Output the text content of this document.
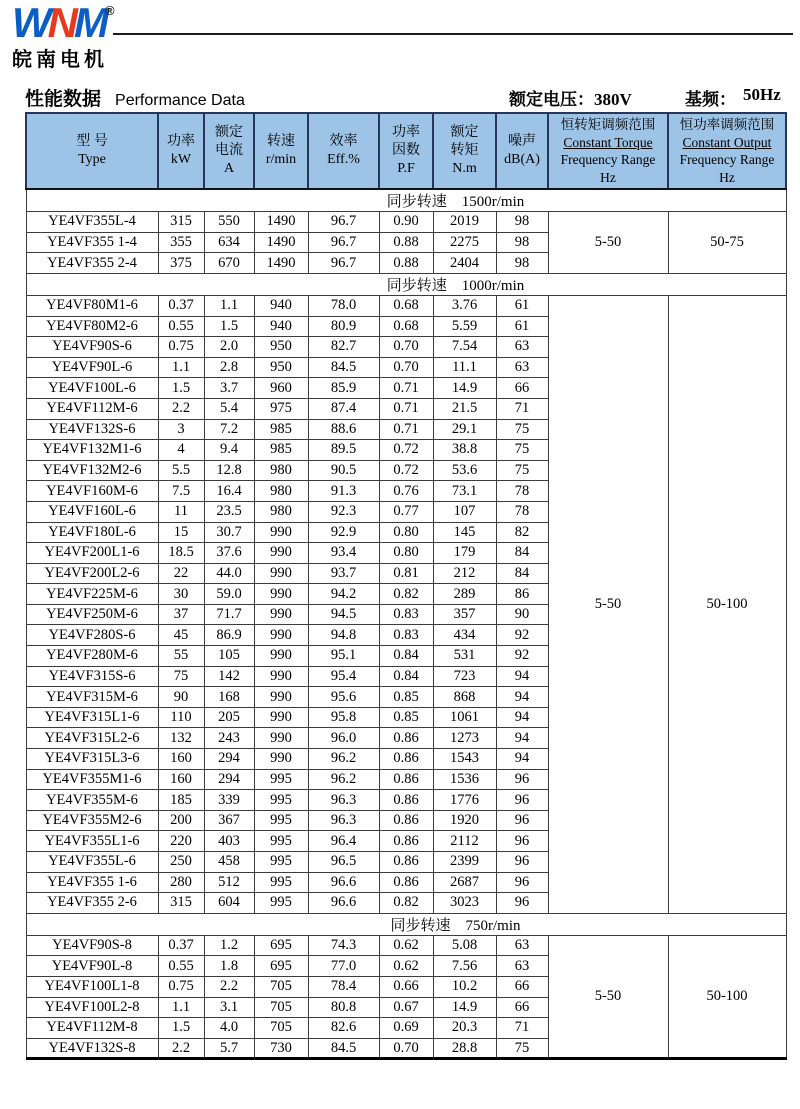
WNM®
皖南电机
性能数据 Performance Data	额定电压：380V	基频： 50Hz
型 号
Type

功率
kW

额定
电流
A

转速
r/min

效率
Eff.%

功率
因数
P.F

额定
转矩
N.m

噪声
dB(A)

恒转矩调频范围
Constant Torque
Frequency Range
Hz

恒功率调频范围
Constant Output
Frequency Range
Hz

同步转速　1500r/min									
YE4VF355L-4	315	550	1490	96.7	0.90	2019	98	5-50	50-75
YE4VF355 1-4	355	634	1490	96.7	0.88	2275	98		
YE4VF355 2-4	375	670	1490	96.7	0.88	2404	98		
同步转速　1000r/min									
YE4VF80M1-6	0.37	1.1	940	78.0	0.68	3.76	61	5-50	50-100
YE4VF80M2-6	0.55	1.5	940	80.9	0.68	5.59	61		
YE4VF90S-6	0.75	2.0	950	82.7	0.70	7.54	63		
YE4VF90L-6	1.1	2.8	950	84.5	0.70	11.1	63		
YE4VF100L-6	1.5	3.7	960	85.9	0.71	14.9	66		
YE4VF112M-6	2.2	5.4	975	87.4	0.71	21.5	71		
YE4VF132S-6	3	7.2	985	88.6	0.71	29.1	75		
YE4VF132M1-6	4	9.4	985	89.5	0.72	38.8	75		
YE4VF132M2-6	5.5	12.8	980	90.5	0.72	53.6	75		
YE4VF160M-6	7.5	16.4	980	91.3	0.76	73.1	78		
YE4VF160L-6	11	23.5	980	92.3	0.77	107	78		
YE4VF180L-6	15	30.7	990	92.9	0.80	145	82		
YE4VF200L1-6	18.5	37.6	990	93.4	0.80	179	84		
YE4VF200L2-6	22	44.0	990	93.7	0.81	212	84		
YE4VF225M-6	30	59.0	990	94.2	0.82	289	86		
YE4VF250M-6	37	71.7	990	94.5	0.83	357	90		
YE4VF280S-6	45	86.9	990	94.8	0.83	434	92		
YE4VF280M-6	55	105	990	95.1	0.84	531	92		
YE4VF315S-6	75	142	990	95.4	0.84	723	94		
YE4VF315M-6	90	168	990	95.6	0.85	868	94		
YE4VF315L1-6	110	205	990	95.8	0.85	1061	94		
YE4VF315L2-6	132	243	990	96.0	0.86	1273	94		
YE4VF315L3-6	160	294	990	96.2	0.86	1543	94		
YE4VF355M1-6	160	294	995	96.2	0.86	1536	96		
YE4VF355M-6	185	339	995	96.3	0.86	1776	96		
YE4VF355M2-6	200	367	995	96.3	0.86	1920	96		
YE4VF355L1-6	220	403	995	96.4	0.86	2112	96		
YE4VF355L-6	250	458	995	96.5	0.86	2399	96		
YE4VF355 1-6	280	512	995	96.6	0.86	2687	96		
YE4VF355 2-6	315	604	995	96.6	0.82	3023	96		
同步转速　750r/min									
YE4VF90S-8	0.37	1.2	695	74.3	0.62	5.08	63	5-50	50-100
YE4VF90L-8	0.55	1.8	695	77.0	0.62	7.56	63		
YE4VF100L1-8	0.75	2.2	705	78.4	0.66	10.2	66		
YE4VF100L2-8	1.1	3.1	705	80.8	0.67	14.9	66		
YE4VF112M-8	1.5	4.0	705	82.6	0.69	20.3	71		
YE4VF132S-8	2.2	5.7	730	84.5	0.70	28.8	75		
